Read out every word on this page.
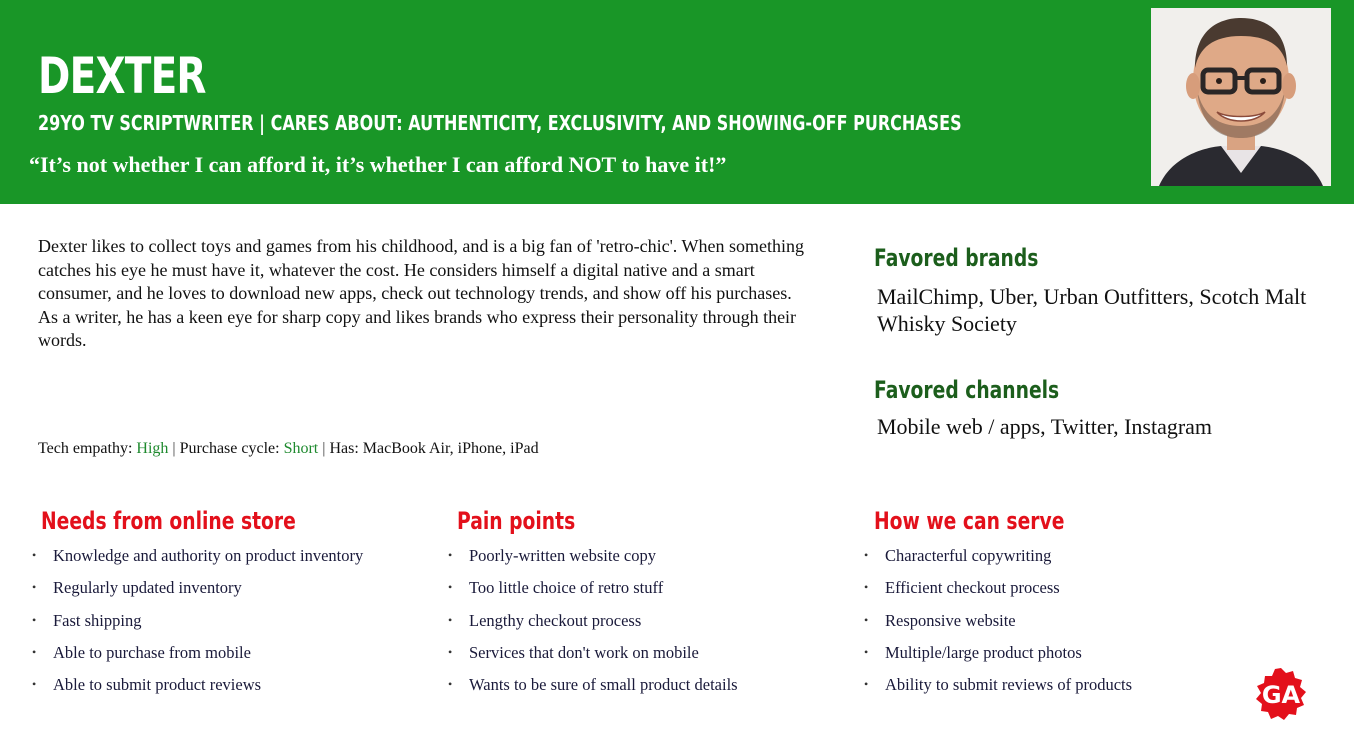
DEXTER
29YO TV SCRIPTWRITER | CARES ABOUT: AUTHENTICITY, EXCLUSIVITY, AND SHOWING-OFF PURCHASES
“It’s not whether I can afford it, it’s whether I can afford NOT to have it!”
Dexter likes to collect toys and games from his childhood, and is a big fan of 'retro-chic'. When something catches his eye he must have it, whatever the cost. He considers himself a digital native and a smart consumer, and he loves to download new apps, check out technology trends, and show off his purchases. As a writer, he has a keen eye for sharp copy and likes brands who express their personality through their words.
Tech empathy: High | Purchase cycle: Short | Has: MacBook Air, iPhone, iPad
Favored brands
MailChimp, Uber, Urban Outfitters, Scotch Malt Whisky Society
Favored channels
Mobile web / apps, Twitter, Instagram
Needs from online store
• Knowledge and authority on product inventory
• Regularly updated inventory
• Fast shipping
• Able to purchase from mobile
• Able to submit product reviews
Pain points
• Poorly-written website copy
• Too little choice of retro stuff
• Lengthy checkout process
• Services that don't work on mobile
• Wants to be sure of small product details
How we can serve
• Characterful copywriting
• Efficient checkout process
• Responsive website
• Multiple/large product photos
• Ability to submit reviews of products	GA
